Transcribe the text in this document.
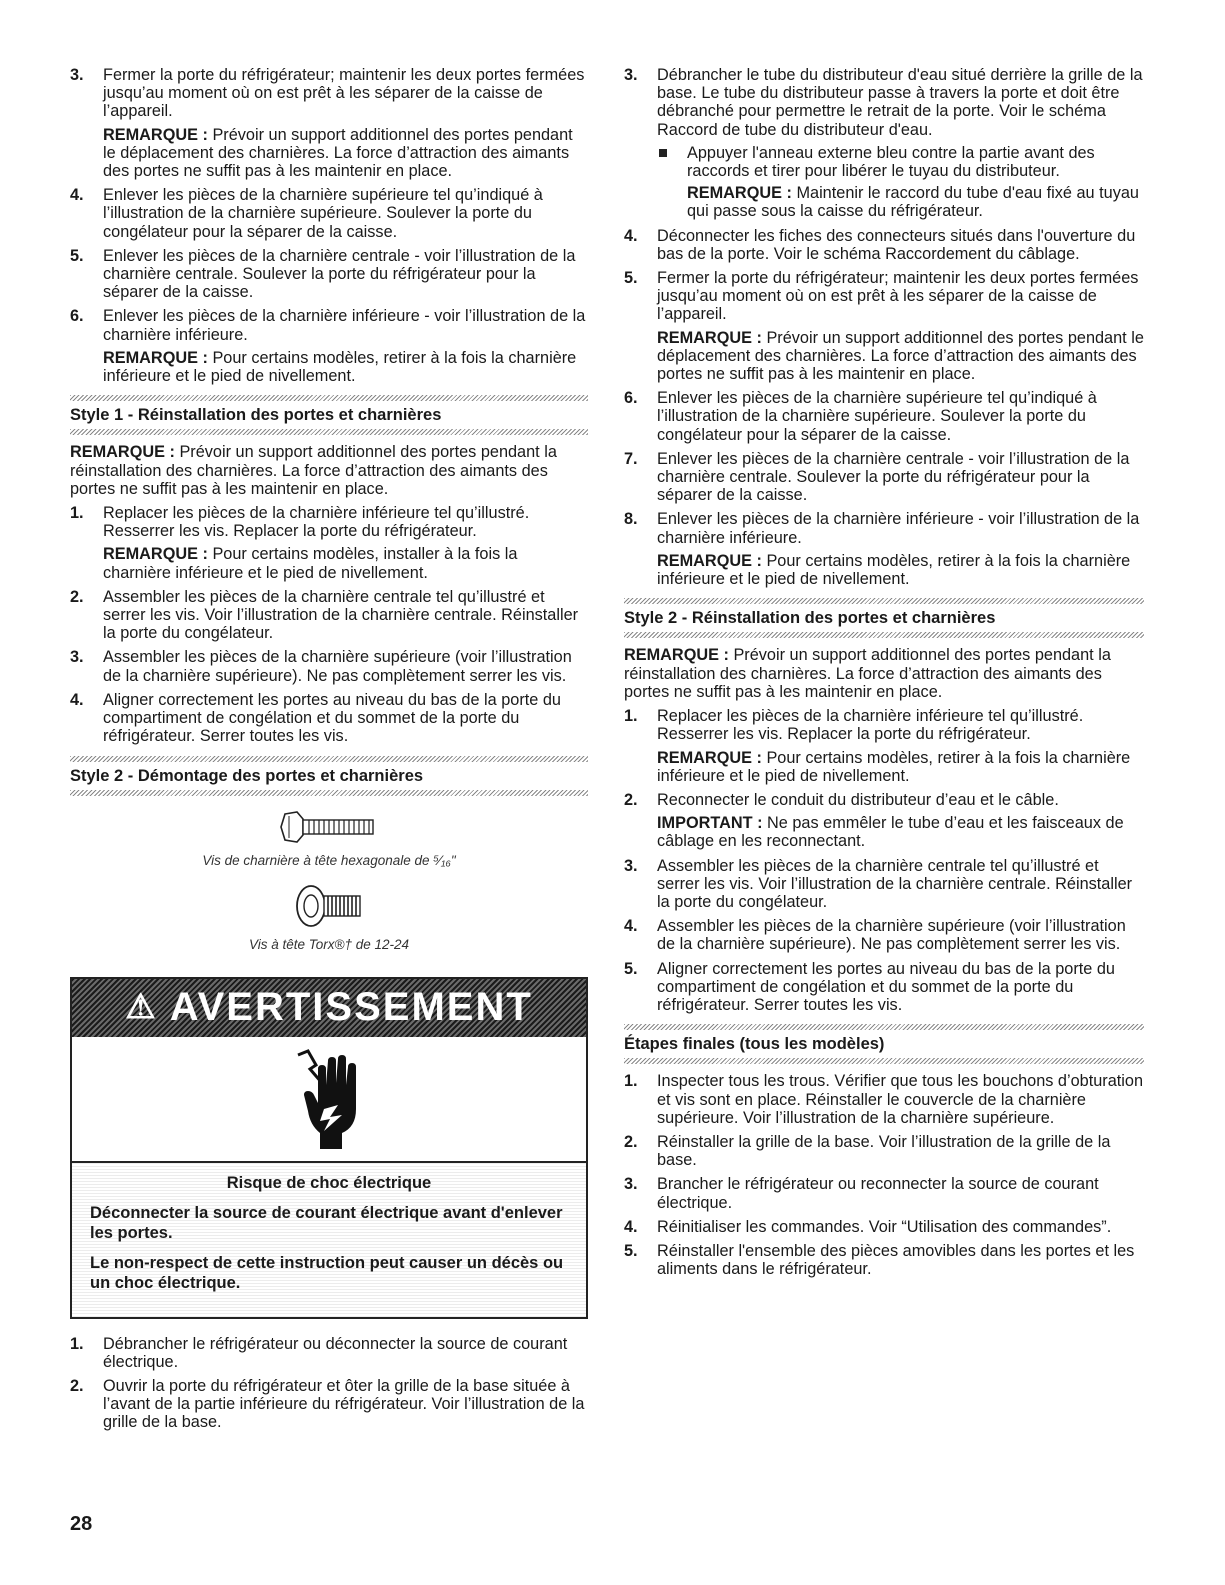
3. Fermer la porte du réfrigérateur; maintenir les deux portes fermées jusqu’au moment où on est prêt à les séparer de la caisse de l’appareil.
REMARQUE : Prévoir un support additionnel des portes pendant le déplacement des charnières. La force d’attraction des aimants des portes ne suffit pas à les maintenir en place.
4. Enlever les pièces de la charnière supérieure tel qu’indiqué à l’illustration de la charnière supérieure. Soulever la porte du congélateur pour la séparer de la caisse.
5. Enlever les pièces de la charnière centrale - voir l’illustration de la charnière centrale. Soulever la porte du réfrigérateur pour la séparer de la caisse.
6. Enlever les pièces de la charnière inférieure - voir l’illustration de la charnière inférieure.
REMARQUE : Pour certains modèles, retirer à la fois la charnière inférieure et le pied de nivellement.
Style 1 - Réinstallation des portes et charnières
REMARQUE : Prévoir un support additionnel des portes pendant la réinstallation des charnières. La force d’attraction des aimants des portes ne suffit pas à les maintenir en place.
1. Replacer les pièces de la charnière inférieure tel qu’illustré. Resserrer les vis. Replacer la porte du réfrigérateur.
REMARQUE : Pour certains modèles, installer à la fois la charnière inférieure et le pied de nivellement.
2. Assembler les pièces de la charnière centrale tel qu’illustré et serrer les vis. Voir l’illustration de la charnière centrale. Réinstaller la porte du congélateur.
3. Assembler les pièces de la charnière supérieure (voir l’illustration de la charnière supérieure). Ne pas complètement serrer les vis.
4. Aligner correctement les portes au niveau du bas de la porte du compartiment de congélation et du sommet de la porte du réfrigérateur. Serrer toutes les vis.
Style 2 - Démontage des portes et charnières
Vis de charnière à tête hexagonale de ⁵⁄₁₆"
Vis à tête Torx®† de 12-24
⚠ AVERTISSEMENT
Risque de choc électrique
Déconnecter la source de courant électrique avant d'enlever les portes.
Le non-respect de cette instruction peut causer un décès ou un choc électrique.
1. Débrancher le réfrigérateur ou déconnecter la source de courant électrique.
2. Ouvrir la porte du réfrigérateur et ôter la grille de la base située à l’avant de la partie inférieure du réfrigérateur. Voir l’illustration de la grille de la base.
3. Débrancher le tube du distributeur d'eau situé derrière la grille de la base. Le tube du distributeur passe à travers la porte et doit être débranché pour permettre le retrait de la porte. Voir le schéma Raccord de tube du distributeur d'eau.
Appuyer l'anneau externe bleu contre la partie avant des raccords et tirer pour libérer le tuyau du distributeur.
REMARQUE : Maintenir le raccord du tube d'eau fixé au tuyau qui passe sous la caisse du réfrigérateur.
4. Déconnecter les fiches des connecteurs situés dans l'ouverture du bas de la porte. Voir le schéma Raccordement du câblage.
5. Fermer la porte du réfrigérateur; maintenir les deux portes fermées jusqu’au moment où on est prêt à les séparer de la caisse de l’appareil.
REMARQUE : Prévoir un support additionnel des portes pendant le déplacement des charnières. La force d’attraction des aimants des portes ne suffit pas à les maintenir en place.
6. Enlever les pièces de la charnière supérieure tel qu’indiqué à l’illustration de la charnière supérieure. Soulever la porte du congélateur pour la séparer de la caisse.
7. Enlever les pièces de la charnière centrale - voir l’illustration de la charnière centrale. Soulever la porte du réfrigérateur pour la séparer de la caisse.
8. Enlever les pièces de la charnière inférieure - voir l’illustration de la charnière inférieure.
REMARQUE : Pour certains modèles, retirer à la fois la charnière inférieure et le pied de nivellement.
Style 2 - Réinstallation des portes et charnières
REMARQUE : Prévoir un support additionnel des portes pendant la réinstallation des charnières. La force d’attraction des aimants des portes ne suffit pas à les maintenir en place.
1. Replacer les pièces de la charnière inférieure tel qu’illustré. Resserrer les vis. Replacer la porte du réfrigérateur.
REMARQUE : Pour certains modèles, retirer à la fois la charnière inférieure et le pied de nivellement.
2. Reconnecter le conduit du distributeur d’eau et le câble.
IMPORTANT : Ne pas emmêler le tube d’eau et les faisceaux de câblage en les reconnectant.
3. Assembler les pièces de la charnière centrale tel qu’illustré et serrer les vis. Voir l’illustration de la charnière centrale. Réinstaller la porte du congélateur.
4. Assembler les pièces de la charnière supérieure (voir l’illustration de la charnière supérieure). Ne pas complètement serrer les vis.
5. Aligner correctement les portes au niveau du bas de la porte du compartiment de congélation et du sommet de la porte du réfrigérateur. Serrer toutes les vis.
Étapes finales (tous les modèles)
1. Inspecter tous les trous. Vérifier que tous les bouchons d’obturation et vis sont en place. Réinstaller le couvercle de la charnière supérieure. Voir l’illustration de la charnière supérieure.
2. Réinstaller la grille de la base. Voir l’illustration de la grille de la base.
3. Brancher le réfrigérateur ou reconnecter la source de courant électrique.
4. Réinitialiser les commandes. Voir “Utilisation des commandes”.
5. Réinstaller l'ensemble des pièces amovibles dans les portes et les aliments dans le réfrigérateur.
28
